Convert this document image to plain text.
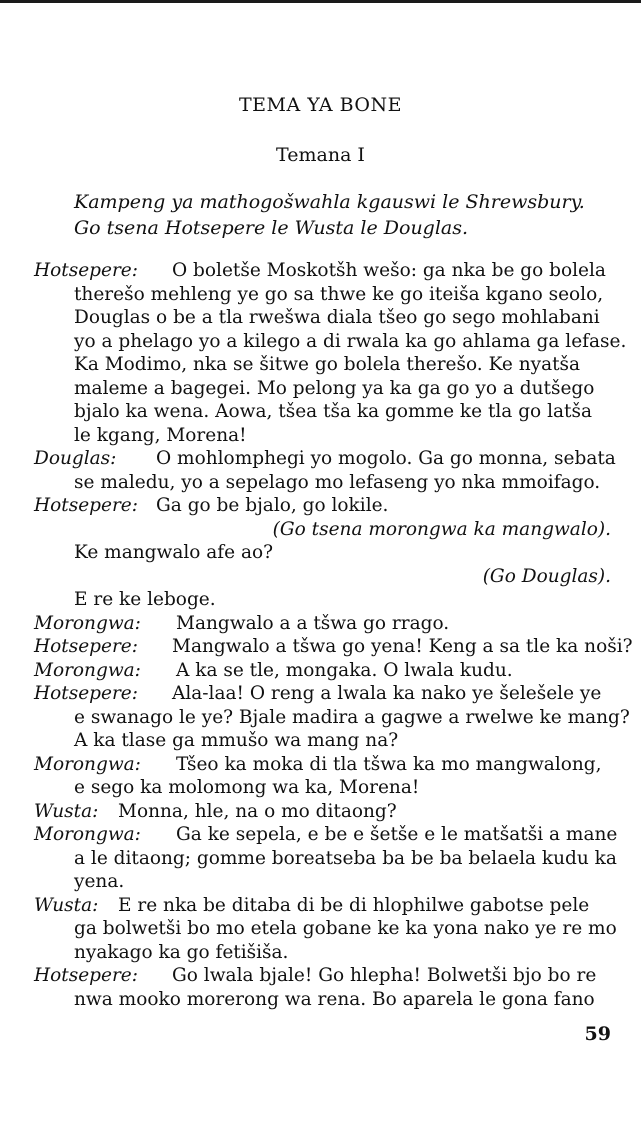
TEMA YA BONE
Temana I
Kampeng ya mathogošwahla kgauswi le Shrewsbury.
Go tsena Hotsepere le Wusta le Douglas.
Hotsepere: O boletše Moskotšh wešo: ga nka be go bolela
therešo mehleng ye go sa thwe ke go iteiša kgano seolo,
Douglas o be a tla rwešwa diala tšeo go sego mohlabani
yo a phelago yo a kilego a di rwala ka go ahlama ga lefase.
Ka Modimo, nka se šitwe go bolela therešo. Ke nyatša
maleme a bagegei. Mo pelong ya ka ga go yo a dutšego
bjalo ka wena. Aowa, tšea tša ka gomme ke tla go latša
le kgang, Morena!
Douglas: O mohlomphegi yo mogolo. Ga go monna, sebata
se maledu, yo a sepelago mo lefaseng yo nka mmoifago.
Hotsepere: Ga go be bjalo, go lokile.
(Go tsena morongwa ka mangwalo).
Ke mangwalo afe ao?
(Go Douglas).
E re ke leboge.
Morongwa: Mangwalo a a tšwa go rrago.
Hotsepere: Mangwalo a tšwa go yena! Keng a sa tle ka noši?
Morongwa: A ka se tle, mongaka. O lwala kudu.
Hotsepere: Ala-laa! O reng a lwala ka nako ye šelešele ye
e swanago le ye? Bjale madira a gagwe a rwelwe ke mang?
A ka tlase ga mmušo wa mang na?
Morongwa: Tšeo ka moka di tla tšwa ka mo mangwalong,
e sego ka molomong wa ka, Morena!
Wusta: Monna, hle, na o mo ditaong?
Morongwa: Ga ke sepela, e be e šetše e le matšatši a mane
a le ditaong; gomme boreatseba ba be ba belaela kudu ka
yena.
Wusta: E re nka be ditaba di be di hlophilwe gabotse pele
ga bolwetši bo mo etela gobane ke ka yona nako ye re mo
nyakago ka go fetišiša.
Hotsepere: Go lwala bjale! Go hlepha! Bolwetši bjo bo re
nwa mooko morerong wa rena. Bo aparela le gona fano
59
